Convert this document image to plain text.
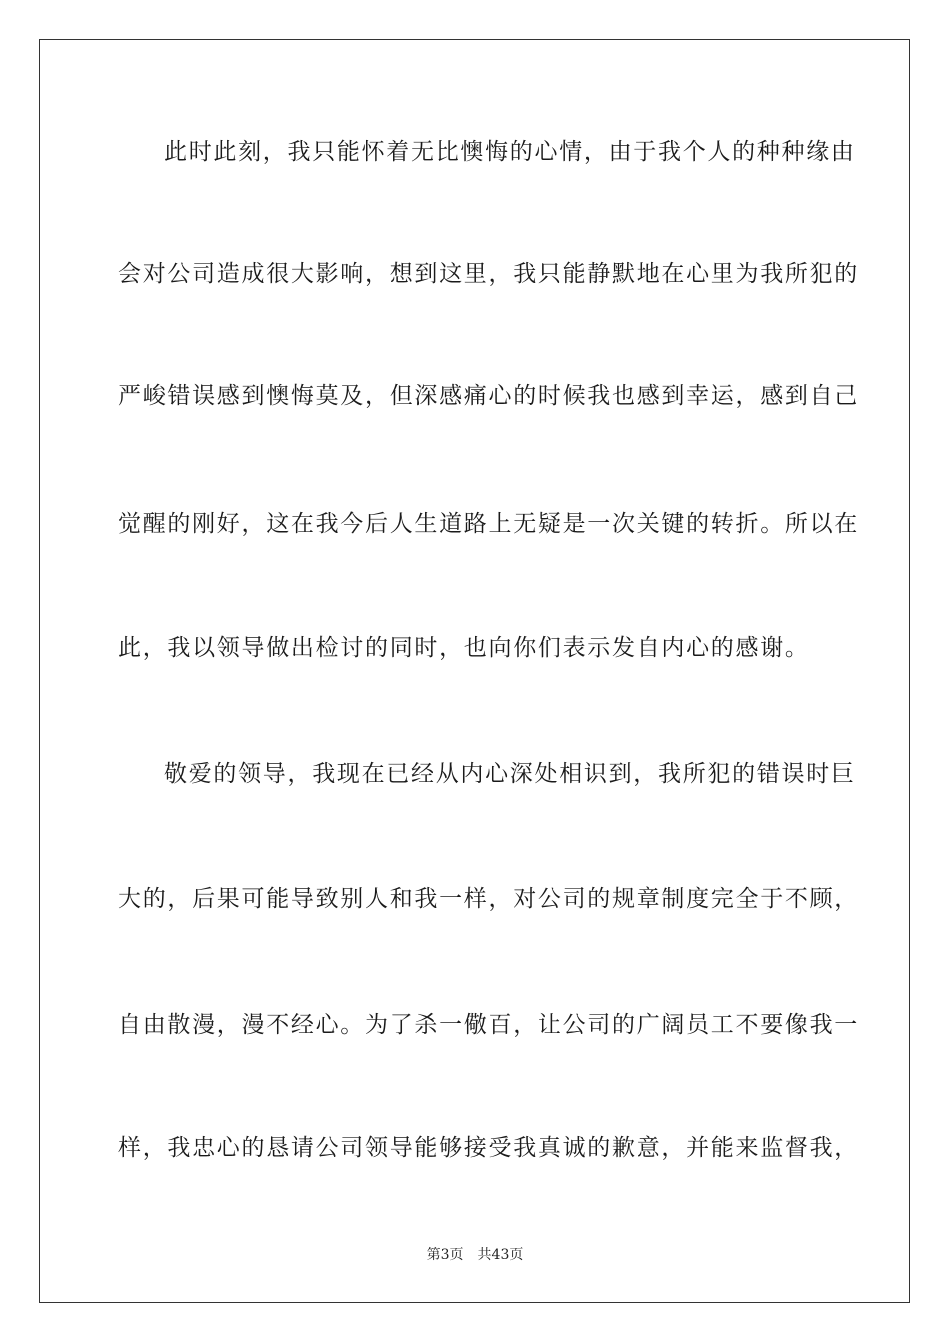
此时此刻，我只能怀着无比懊悔的心情，由于我个人的种种缘由
会对公司造成很大影响，想到这里，我只能静默地在心里为我所犯的
严峻错误感到懊悔莫及，但深感痛心的时候我也感到幸运，感到自己
觉醒的刚好，这在我今后人生道路上无疑是一次关键的转折。所以在
此，我以领导做出检讨的同时，也向你们表示发自内心的感谢。
敬爱的领导，我现在已经从内心深处相识到，我所犯的错误时巨
大的，后果可能导致别人和我一样，对公司的规章制度完全于不顾，
自由散漫，漫不经心。为了杀一儆百，让公司的广阔员工不要像我一
样，我忠心的恳请公司领导能够接受我真诚的歉意，并能来监督我，
第3页 共43页
